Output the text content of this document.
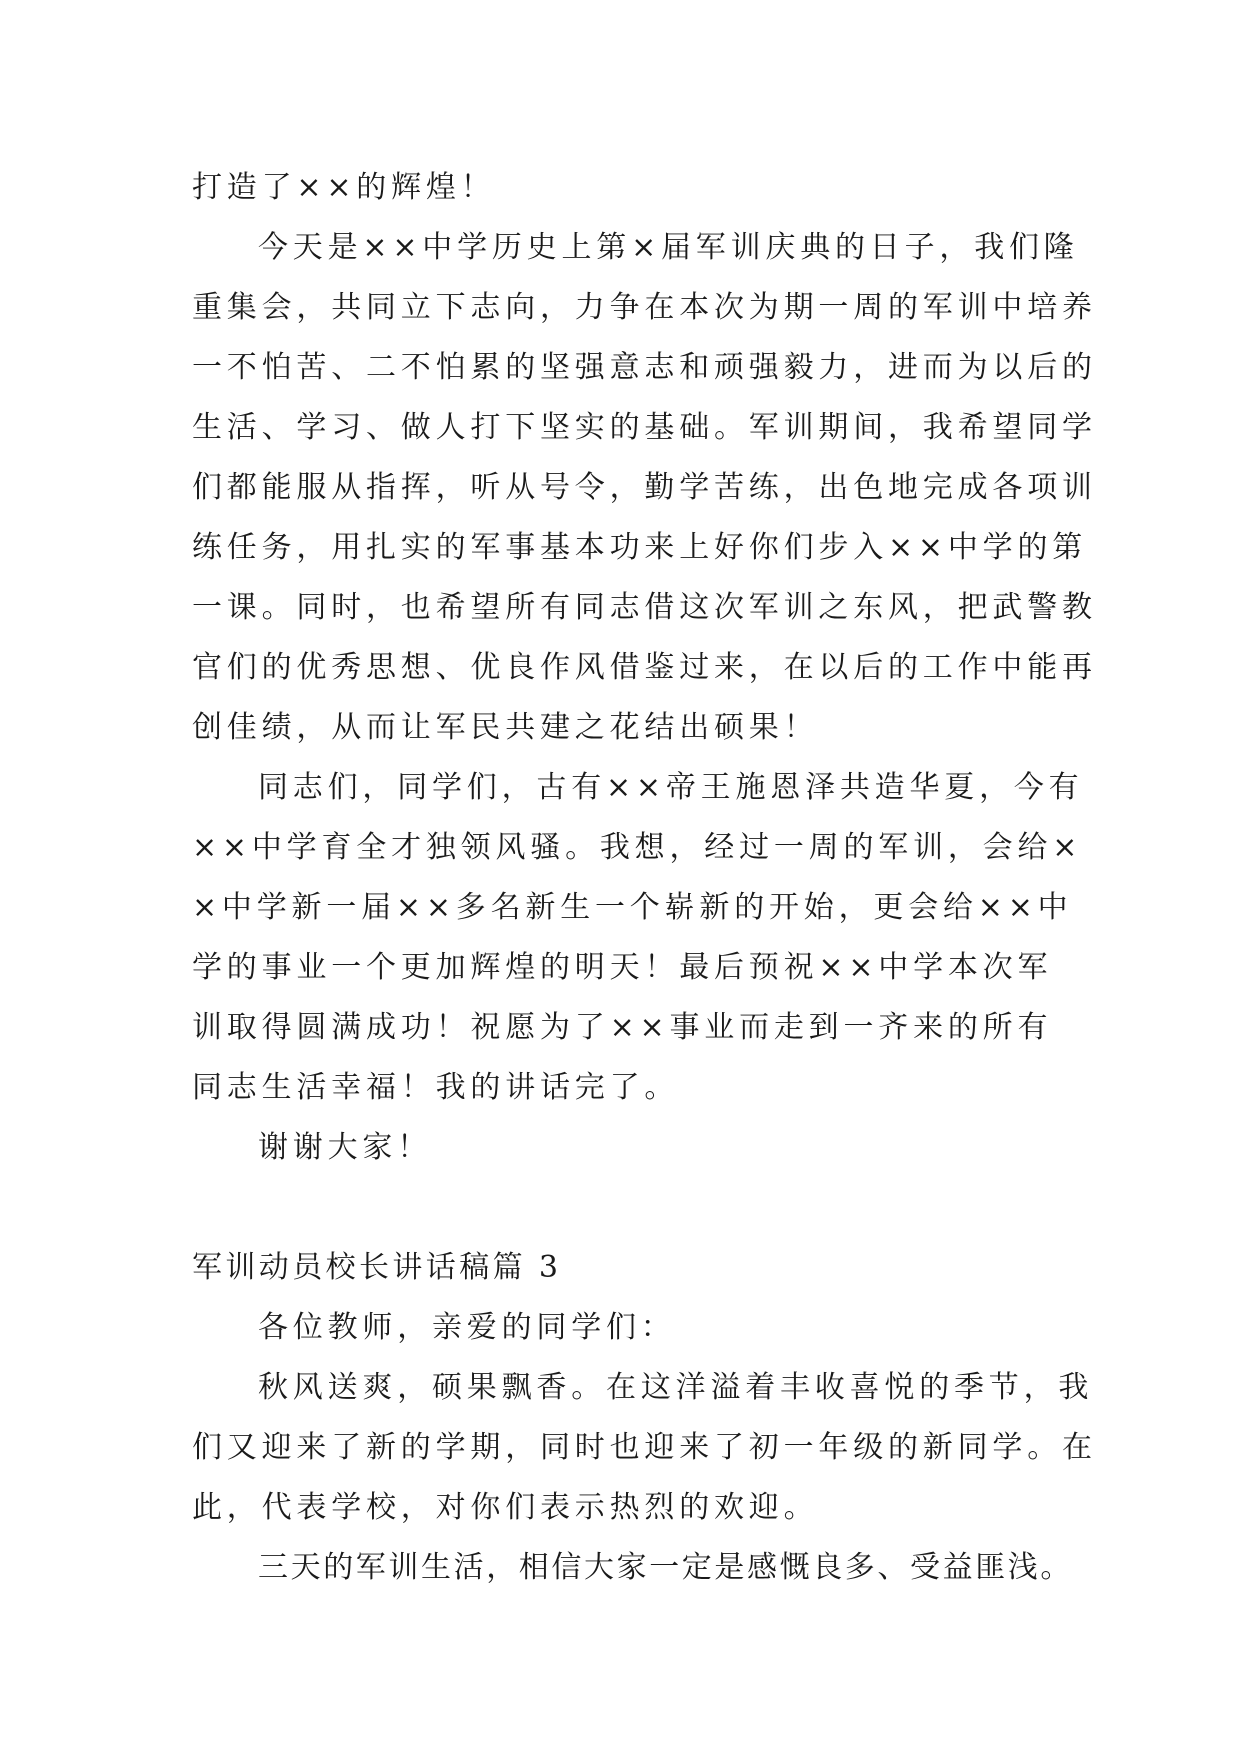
打造了××的辉煌！
今天是××中学历史上第×届军训庆典的日子，我们隆
重集会，共同立下志向，力争在本次为期一周的军训中培养
一不怕苦、二不怕累的坚强意志和顽强毅力，进而为以后的
生活、学习、做人打下坚实的基础。军训期间，我希望同学
们都能服从指挥，听从号令，勤学苦练，出色地完成各项训
练任务，用扎实的军事基本功来上好你们步入××中学的第
一课。同时，也希望所有同志借这次军训之东风，把武警教
官们的优秀思想、优良作风借鉴过来，在以后的工作中能再
创佳绩，从而让军民共建之花结出硕果！
同志们，同学们，古有××帝王施恩泽共造华夏，今有
××中学育全才独领风骚。我想，经过一周的军训，会给×
×中学新一届××多名新生一个崭新的开始，更会给××中
学的事业一个更加辉煌的明天！最后预祝××中学本次军
训取得圆满成功！祝愿为了××事业而走到一齐来的所有
同志生活幸福！我的讲话完了。
谢谢大家！
军训动员校长讲话稿篇 3
各位教师，亲爱的同学们：
秋风送爽，硕果飘香。在这洋溢着丰收喜悦的季节，我
们又迎来了新的学期，同时也迎来了初一年级的新同学。在
此，代表学校，对你们表示热烈的欢迎。
三天的军训生活，相信大家一定是感慨良多、受益匪浅。
